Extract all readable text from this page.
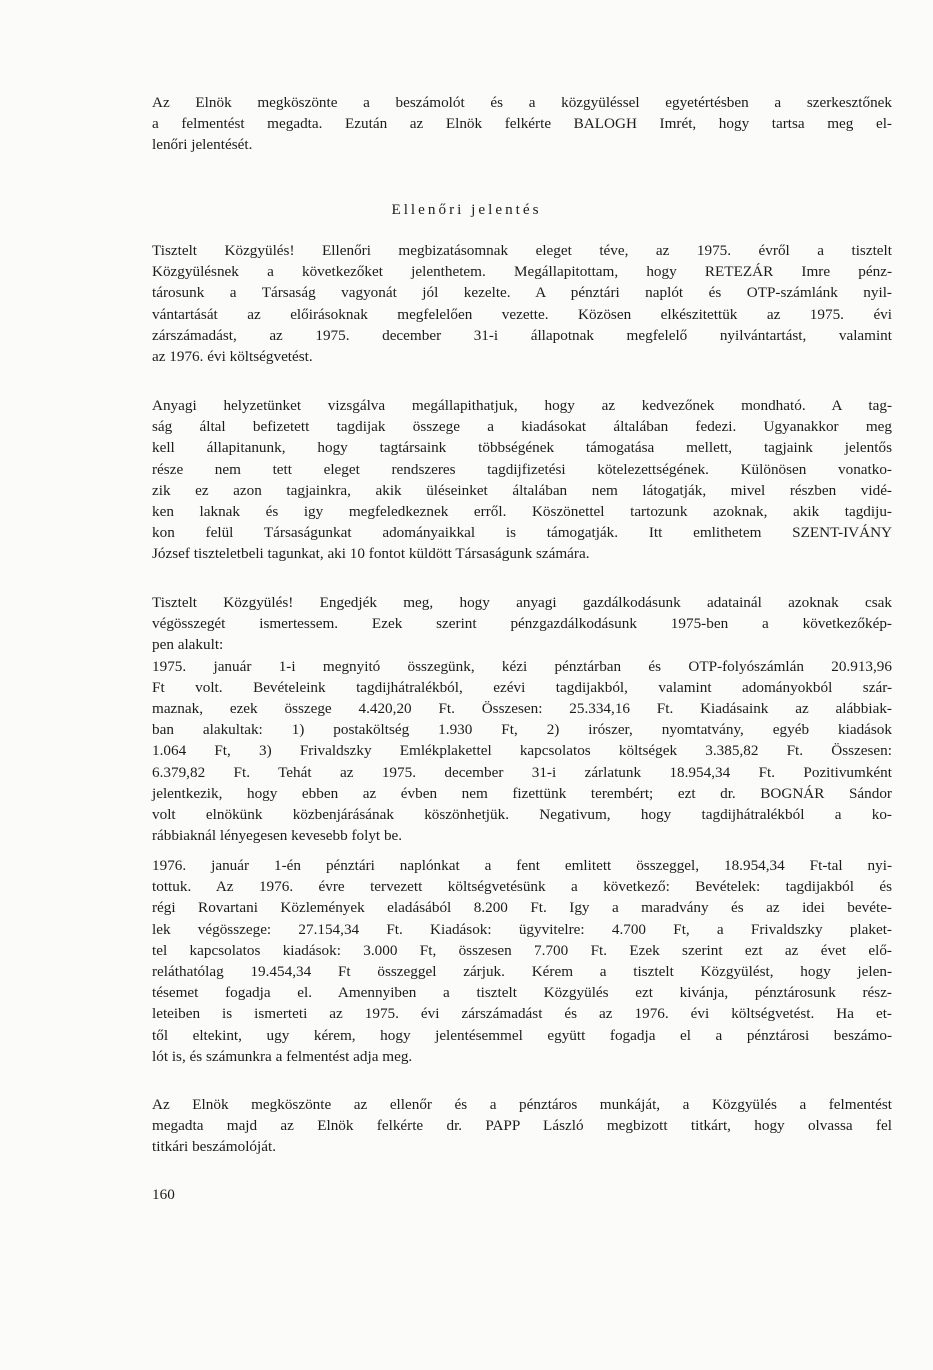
Az Elnök megköszönte a beszámolót és a közgyüléssel egyetértésben a szerkesztőnek
a felmentést megadta. Ezután az Elnök felkérte BALOGH Imrét, hogy tartsa meg el-
lenőri jelentését.
Ellenőri jelentés
Tisztelt Közgyülés! Ellenőri megbizatásomnak eleget téve, az 1975. évről a tisztelt
Közgyülésnek a következőket jelenthetem. Megállapitottam, hogy RETEZÁR Imre pénz-
tárosunk a Társaság vagyonát jól kezelte. A pénztári naplót és OTP-számlánk nyil-
vántartását az előirásoknak megfelelően vezette. Közösen elkészitettük az 1975. évi
zárszámadást, az 1975. december 31-i állapotnak megfelelő nyilvántartást, valamint
az 1976. évi költségvetést.
Anyagi helyzetünket vizsgálva megállapithatjuk, hogy az kedvezőnek mondható. A tag-
ság által befizetett tagdijak összege a kiadásokat általában fedezi. Ugyanakkor meg
kell állapitanunk, hogy tagtársaink többségének támogatása mellett, tagjaink jelentős
része nem tett eleget rendszeres tagdijfizetési kötelezettségének. Különösen vonatko-
zik ez azon tagjainkra, akik üléseinket általában nem látogatják, mivel részben vidé-
ken laknak és igy megfeledkeznek erről. Köszönettel tartozunk azoknak, akik tagdiju-
kon felül Társaságunkat adományaikkal is támogatják. Itt emlithetem SZENT-IVÁNY
József tiszteletbeli tagunkat, aki 10 fontot küldött Társaságunk számára.
Tisztelt Közgyülés! Engedjék meg, hogy anyagi gazdálkodásunk adatainál azoknak csak
végösszegét ismertessem. Ezek szerint pénzgazdálkodásunk 1975-ben a következőkép-
pen alakult:
1975. január 1-i megnyitó összegünk, kézi pénztárban és OTP-folyószámlán 20.913,96
Ft volt. Bevételeink tagdijhátralékból, ezévi tagdijakból, valamint adományokból szár-
maznak, ezek összege 4.420,20 Ft. Összesen: 25.334,16 Ft. Kiadásaink az alábbiak-
ban alakultak: 1) postaköltség 1.930 Ft, 2) irószer, nyomtatvány, egyéb kiadások
1.064 Ft, 3) Frivaldszky Emlékplakettel kapcsolatos költségek 3.385,82 Ft. Összesen:
6.379,82 Ft. Tehát az 1975. december 31-i zárlatunk 18.954,34 Ft. Pozitivumként
jelentkezik, hogy ebben az évben nem fizettünk terembért; ezt dr. BOGNÁR Sándor
volt elnökünk közbenjárásának köszönhetjük. Negativum, hogy tagdijhátralékból a ko-
rábbiaknál lényegesen kevesebb folyt be.
1976. január 1-én pénztári naplónkat a fent emlitett összeggel, 18.954,34 Ft-tal nyi-
tottuk. Az 1976. évre tervezett költségvetésünk a következő: Bevételek: tagdijakból és
régi Rovartani Közlemények eladásából 8.200 Ft. Igy a maradvány és az idei bevéte-
lek végösszege: 27.154,34 Ft. Kiadások: ügyvitelre: 4.700 Ft, a Frivaldszky plaket-
tel kapcsolatos kiadások: 3.000 Ft, összesen 7.700 Ft. Ezek szerint ezt az évet elő-
reláthatólag 19.454,34 Ft összeggel zárjuk. Kérem a tisztelt Közgyülést, hogy jelen-
tésemet fogadja el. Amennyiben a tisztelt Közgyülés ezt kivánja, pénztárosunk rész-
leteiben is ismerteti az 1975. évi zárszámadást és az 1976. évi költségvetést. Ha et-
től eltekint, ugy kérem, hogy jelentésemmel együtt fogadja el a pénztárosi beszámo-
lót is, és számunkra a felmentést adja meg.
Az Elnök megköszönte az ellenőr és a pénztáros munkáját, a Közgyülés a felmentést
megadta majd az Elnök felkérte dr. PAPP László megbizott titkárt, hogy olvassa fel
titkári beszámolóját.
160
